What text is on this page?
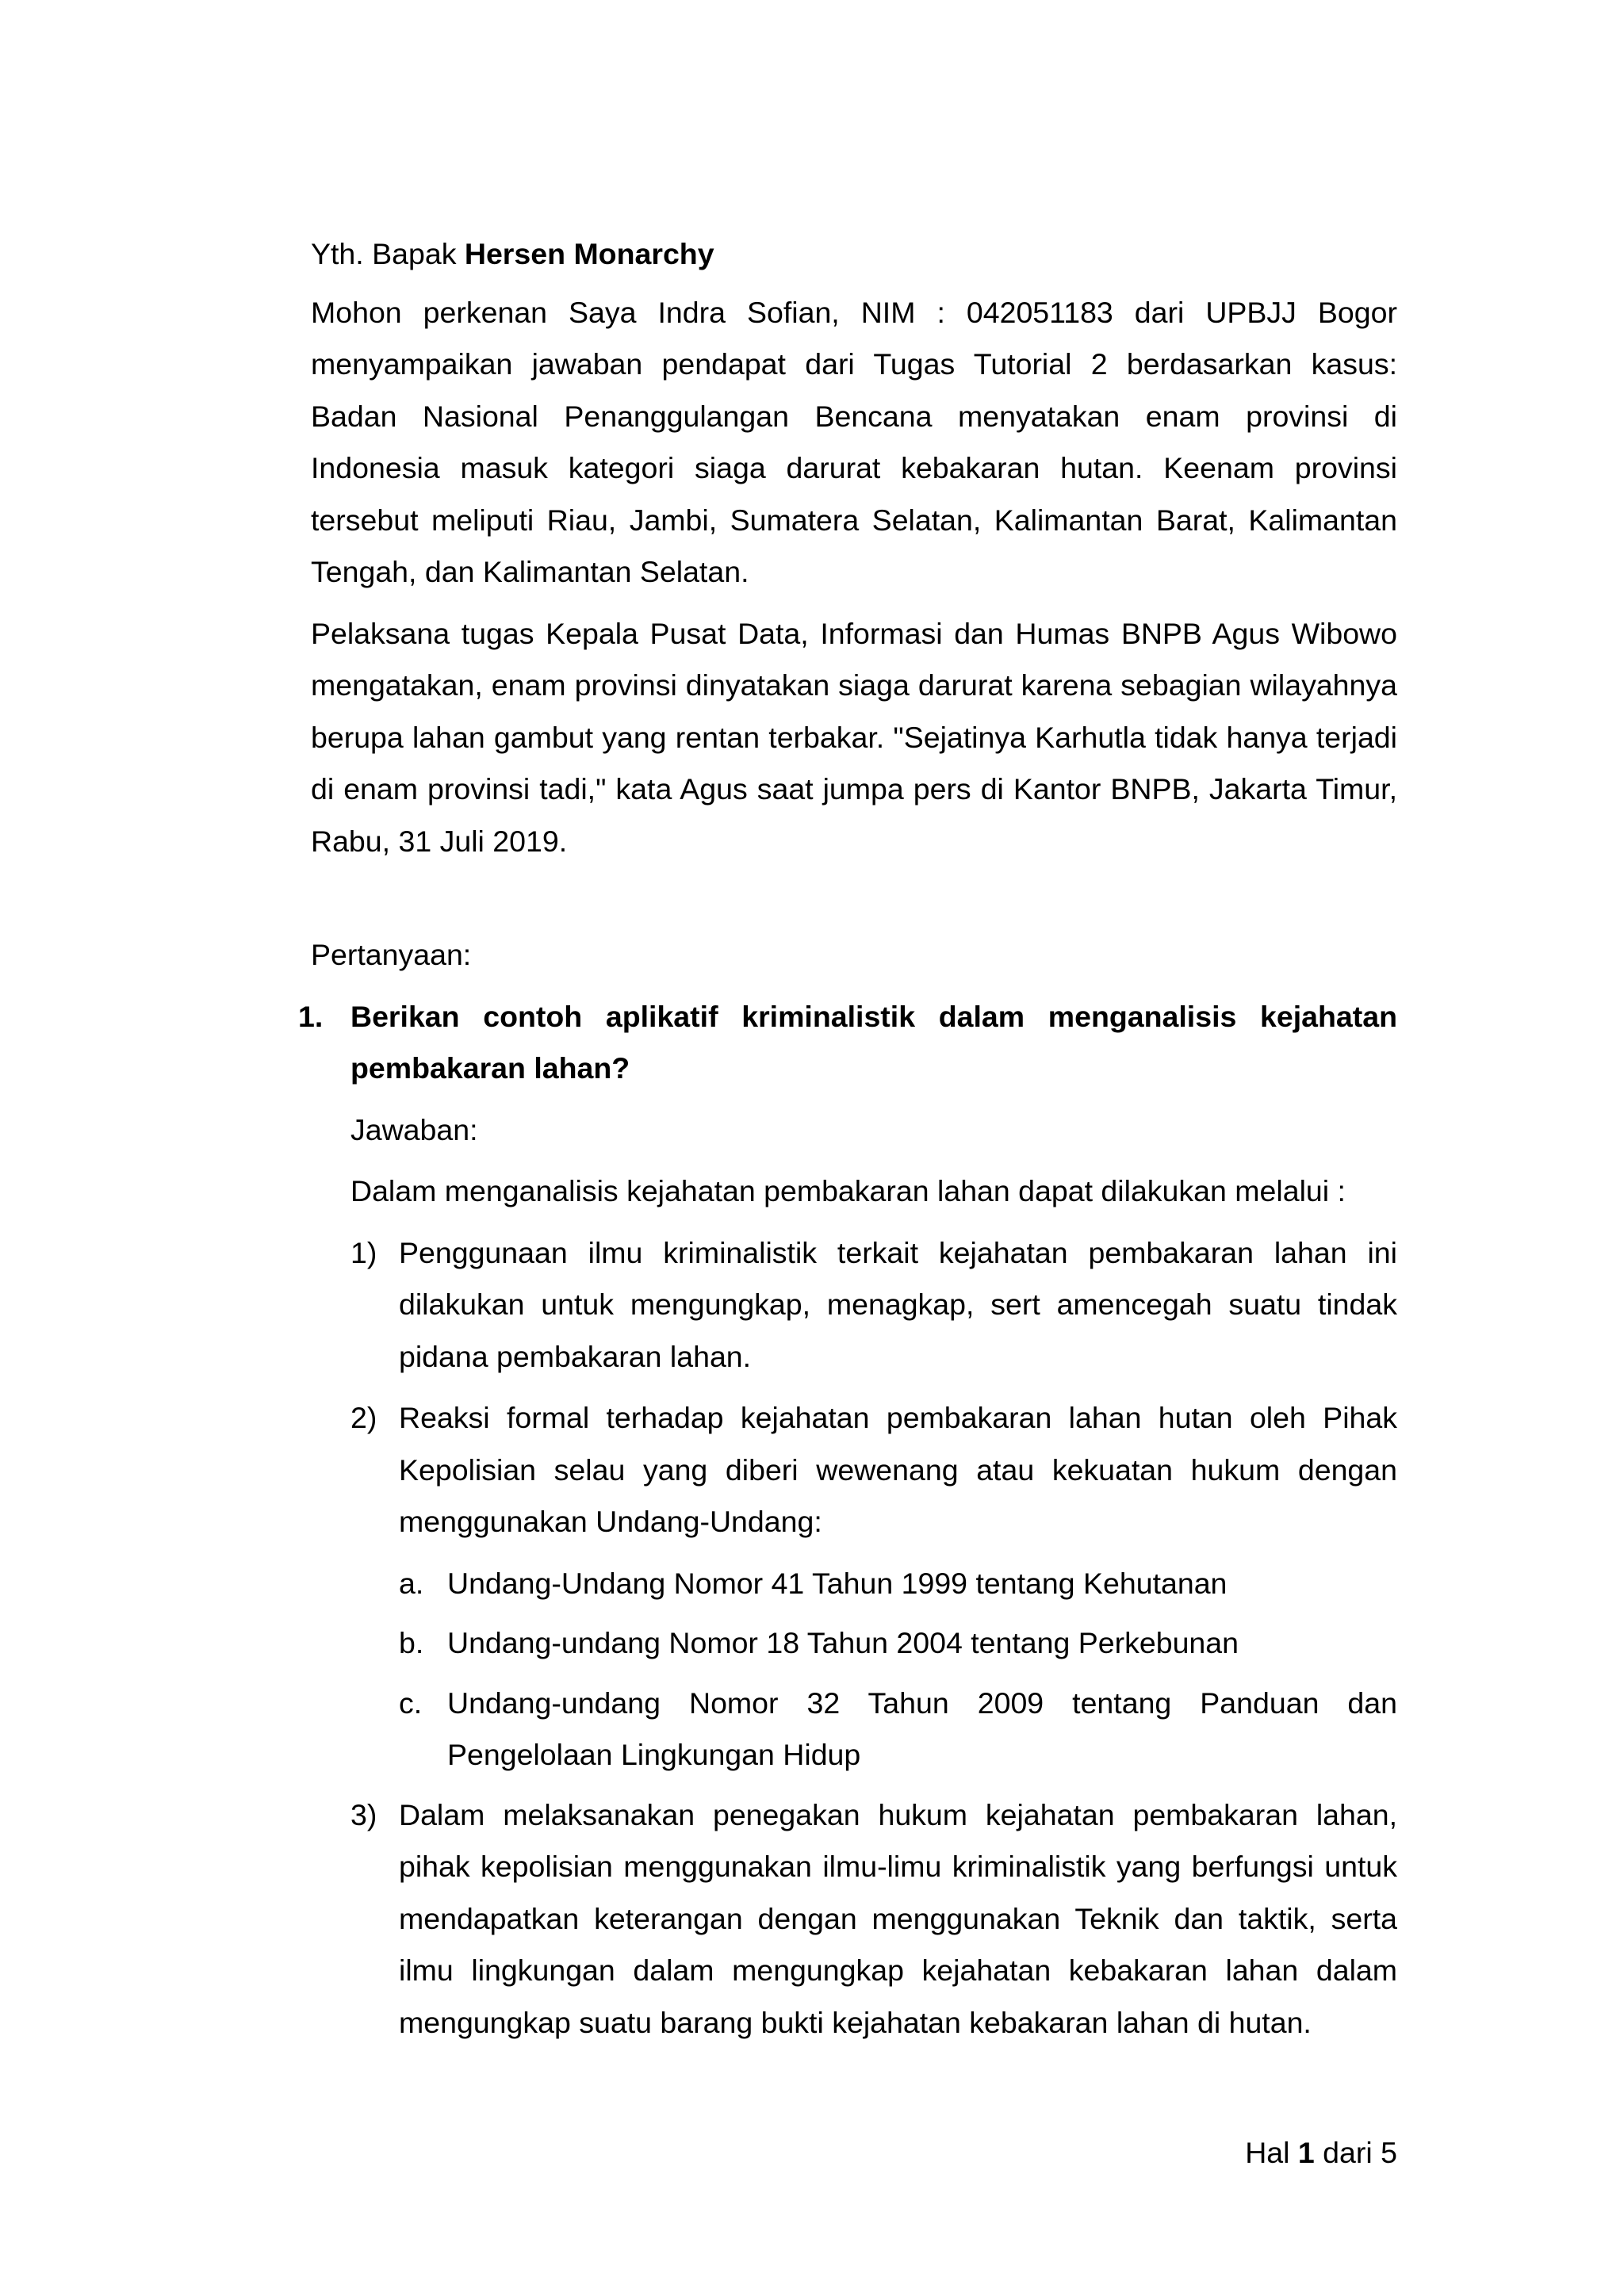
Yth. Bapak Hersen Monarchy

Mohon perkenan Saya Indra Sofian, NIM : 042051183 dari UPBJJ Bogor menyampaikan jawaban pendapat dari Tugas Tutorial 2 berdasarkan kasus: Badan Nasional Penanggulangan Bencana menyatakan enam provinsi di Indonesia masuk kategori siaga darurat kebakaran hutan. Keenam provinsi tersebut meliputi Riau, Jambi, Sumatera Selatan, Kalimantan Barat, Kalimantan Tengah, dan Kalimantan Selatan.

Pelaksana tugas Kepala Pusat Data, Informasi dan Humas BNPB Agus Wibowo mengatakan, enam provinsi dinyatakan siaga darurat karena sebagian wilayahnya berupa lahan gambut yang rentan terbakar. "Sejatinya Karhutla tidak hanya terjadi di enam provinsi tadi," kata Agus saat jumpa pers di Kantor BNPB, Jakarta Timur, Rabu, 31 Juli 2019.

Pertanyaan:

1. Berikan contoh aplikatif kriminalistik dalam menganalisis kejahatan pembakaran lahan?

Jawaban:

Dalam menganalisis kejahatan pembakaran lahan dapat dilakukan melalui :

1) Penggunaan ilmu kriminalistik terkait kejahatan pembakaran lahan ini dilakukan untuk mengungkap, menagkap, sert amencegah suatu tindak pidana pembakaran lahan.
2) Reaksi formal terhadap kejahatan pembakaran lahan hutan oleh Pihak Kepolisian selau yang diberi wewenang atau kekuatan hukum dengan menggunakan Undang-Undang:
a. Undang-Undang Nomor 41 Tahun 1999 tentang Kehutanan
b. Undang-undang Nomor 18 Tahun 2004 tentang Perkebunan
c. Undang-undang Nomor 32 Tahun 2009 tentang Panduan dan Pengelolaan Lingkungan Hidup
3) Dalam melaksanakan penegakan hukum kejahatan pembakaran lahan, pihak kepolisian menggunakan ilmu-limu kriminalistik yang berfungsi untuk mendapatkan keterangan dengan menggunakan Teknik dan taktik, serta ilmu lingkungan dalam mengungkap kejahatan kebakaran lahan dalam mengungkap suatu barang bukti kejahatan kebakaran lahan di hutan.
Hal 1 dari 5
